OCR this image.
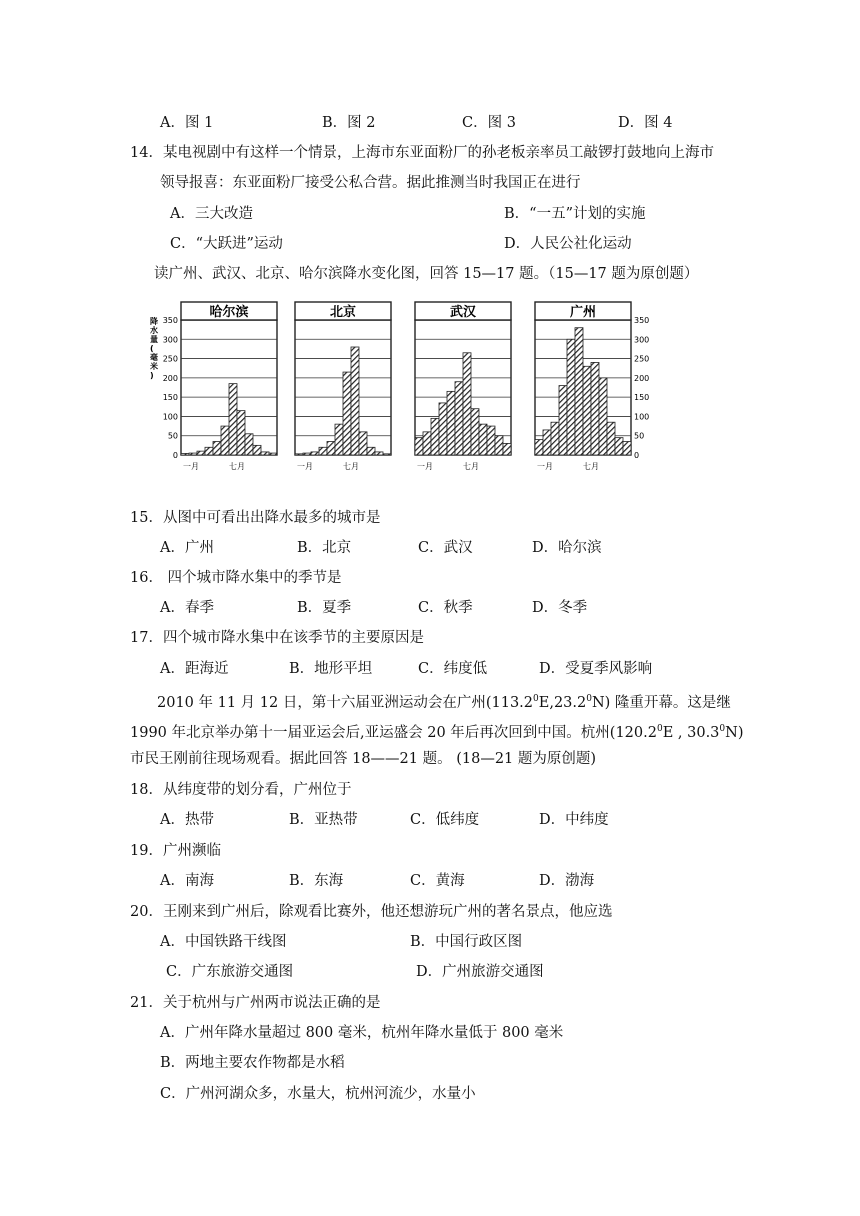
A．图 1	B．图 2	C．图 3	D．图 4
14．某电视剧中有这样一个情景，上海市东亚面粉厂的孙老板亲率员工敲锣打鼓地向上海市
领导报喜：东亚面粉厂接受公私合营。据此推测当时我国正在进行
A．三大改造	B．“一五”计划的实施
C．“大跃进”运动	D．人民公社化运动
读广州、武汉、北京、哈尔滨降水变化图，回答 15—17 题。（15—17 题为原创题）
哈尔滨
0
50
100
150
200
250
300
350
降
水
量
(
毫
米
)
一月	七月
北京
一月	七月
武汉
一月	七月
广州
0
50
100
150
200
250
300
350
一月	七月
15．从图中可看出出降水最多的城市是
A．广州	B．北京	C．武汉	D．哈尔滨
16． 四个城市降水集中的季节是
A．春季	B．夏季	C．秋季	D．冬季
17．四个城市降水集中在该季节的主要原因是
A．距海近	B．地形平坦	C．纬度低	D．受夏季风影响
2010 年 11 月 12 日，第十六届亚洲运动会在广州(113.2$^0$E,23.2$^0$N) 隆重开幕。这是继
1990 年北京举办第十一届亚运会后,亚运盛会 20 年后再次回到中国。杭州(120.2$^0$E , 30.3$^0$N)
市民王刚前往现场观看。据此回答 18——21 题。 (18—21 题为原创题)
18．从纬度带的划分看，广州位于
A．热带	B．亚热带	C．低纬度	D．中纬度
19．广州濒临
A．南海	B．东海	C．黄海	D．渤海
20．王刚来到广州后，除观看比赛外，他还想游玩广州的著名景点，他应选
A．中国铁路干线图	B．中国行政区图
C．广东旅游交通图	D．广州旅游交通图
21．关于杭州与广州两市说法正确的是
A．广州年降水量超过 800 毫米，杭州年降水量低于 800 毫米
B．两地主要农作物都是水稻
C．广州河湖众多，水量大，杭州河流少，水量小
